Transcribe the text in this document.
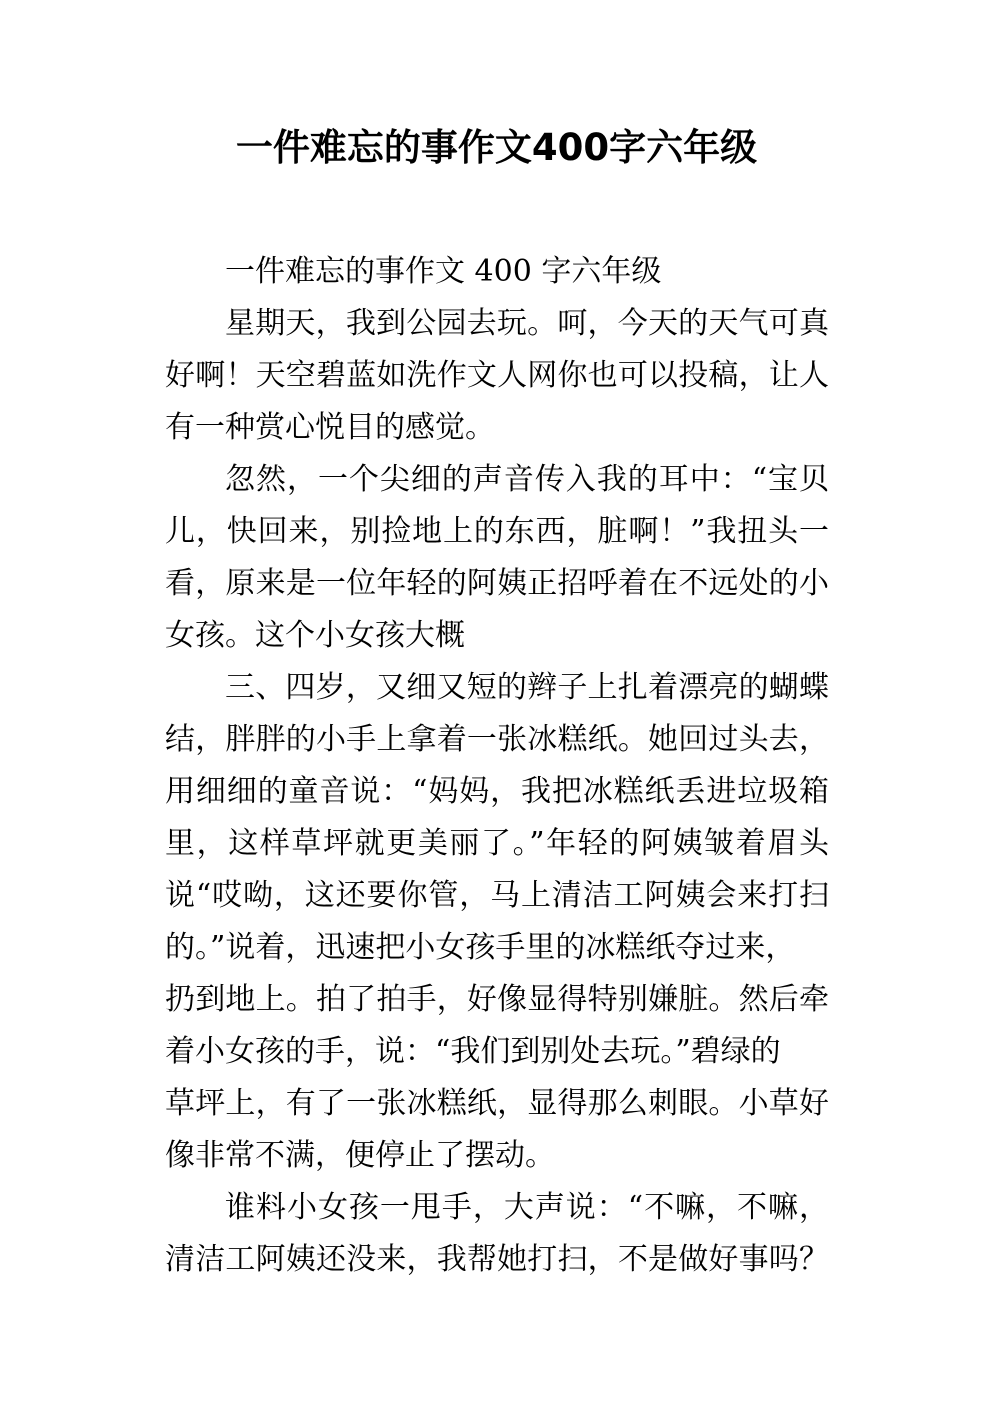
一件难忘的事作文400字六年级
一件难忘的事作文 400 字六年级
星期天，我到公园去玩。呵，今天的天气可真
好啊！天空碧蓝如洗作文人网你也可以投稿，让人
有一种赏心悦目的感觉。
忽然，一个尖细的声音传入我的耳中：“宝贝
儿，快回来，别捡地上的东西，脏啊！”我扭头一
看，原来是一位年轻的阿姨正招呼着在不远处的小
女孩。这个小女孩大概
三、四岁，又细又短的辫子上扎着漂亮的蝴蝶
结，胖胖的小手上拿着一张冰糕纸。她回过头去，
用细细的童音说：“妈妈，我把冰糕纸丢进垃圾箱
里，这样草坪就更美丽了。”年轻的阿姨皱着眉头
说“哎呦，这还要你管，马上清洁工阿姨会来打扫
的。”说着，迅速把小女孩手里的冰糕纸夺过来，
扔到地上。拍了拍手，好像显得特别嫌脏。然后牵
着小女孩的手，说：“我们到别处去玩。”碧绿的
草坪上，有了一张冰糕纸，显得那么刺眼。小草好
像非常不满，便停止了摆动。
谁料小女孩一甩手，大声说：“不嘛，不嘛，
清洁工阿姨还没来，我帮她打扫，不是做好事吗？
